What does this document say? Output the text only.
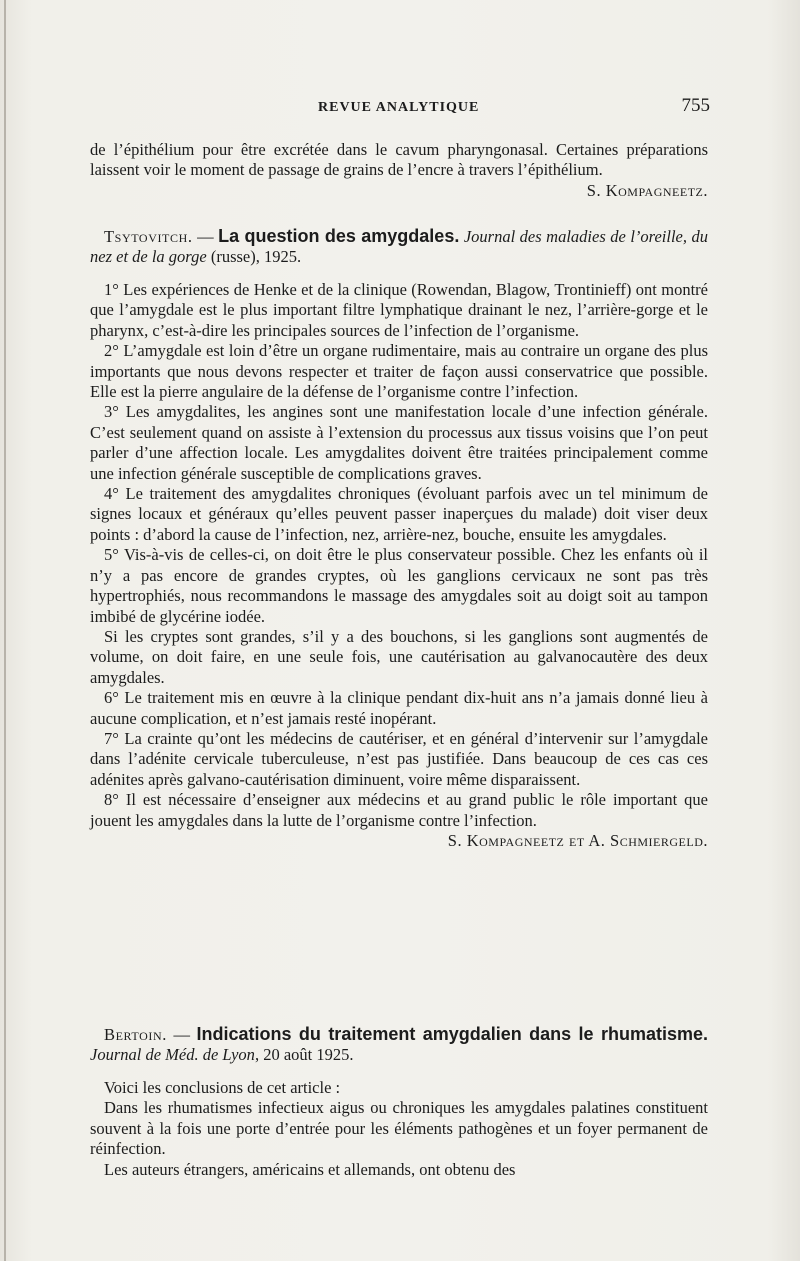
REVUE ANALYTIQUE	755

de l’épithélium pour être excrétée dans le cavum pharyngonasal. Certaines préparations laissent voir le moment de passage de grains de l’encre à travers l’épithélium.

S. Kompagneetz.

Tsytovitch. — La question des amygdales. Journal des maladies de l’oreille, du nez et de la gorge (russe), 1925.

1° Les expériences de Henke et de la clinique (Rowendan, Blagow, Trontinieff) ont montré que l’amygdale est le plus important filtre lymphatique drainant le nez, l’arrière-gorge et le pharynx, c’est-à-dire les principales sources de l’infection de l’organisme.

2° L’amygdale est loin d’être un organe rudimentaire, mais au contraire un organe des plus importants que nous devons respecter et traiter de façon aussi conservatrice que possible. Elle est la pierre angulaire de la défense de l’organisme contre l’infection.

3° Les amygdalites, les angines sont une manifestation locale d’une infection générale. C’est seulement quand on assiste à l’extension du processus aux tissus voisins que l’on peut parler d’une affection locale. Les amygdalites doivent être traitées principalement comme une infection générale susceptible de complications graves.

4° Le traitement des amygdalites chroniques (évoluant parfois avec un tel minimum de signes locaux et généraux qu’elles peuvent passer inaperçues du malade) doit viser deux points : d’abord la cause de l’infection, nez, arrière-nez, bouche, ensuite les amygdales.

5° Vis-à-vis de celles-ci, on doit être le plus conservateur possible. Chez les enfants où il n’y a pas encore de grandes cryptes, où les ganglions cervicaux ne sont pas très hypertrophiés, nous recommandons le massage des amygdales soit au doigt soit au tampon imbibé de glycérine iodée.

Si les cryptes sont grandes, s’il y a des bouchons, si les ganglions sont augmentés de volume, on doit faire, en une seule fois, une cautérisation au galvanocautère des deux amygdales.

6° Le traitement mis en œuvre à la clinique pendant dix-huit ans n’a jamais donné lieu à aucune complication, et n’est jamais resté inopérant.

7° La crainte qu’ont les médecins de cautériser, et en général d’intervenir sur l’amygdale dans l’adénite cervicale tuberculeuse, n’est pas justifiée. Dans beaucoup de ces cas ces adénites après galvano-cautérisation diminuent, voire même disparaissent.

8° Il est nécessaire d’enseigner aux médecins et au grand public le rôle important que jouent les amygdales dans la lutte de l’organisme contre l’infection.

S. Kompagneetz et A. Schmiergeld.

Bertoin. — Indications du traitement amygdalien dans le rhumatisme. Journal de Méd. de Lyon, 20 août 1925.

Voici les conclusions de cet article :

Dans les rhumatismes infectieux aigus ou chroniques les amygdales palatines constituent souvent à la fois une porte d’entrée pour les éléments pathogènes et un foyer permanent de réinfection.

Les auteurs étrangers, américains et allemands, ont obtenu des
